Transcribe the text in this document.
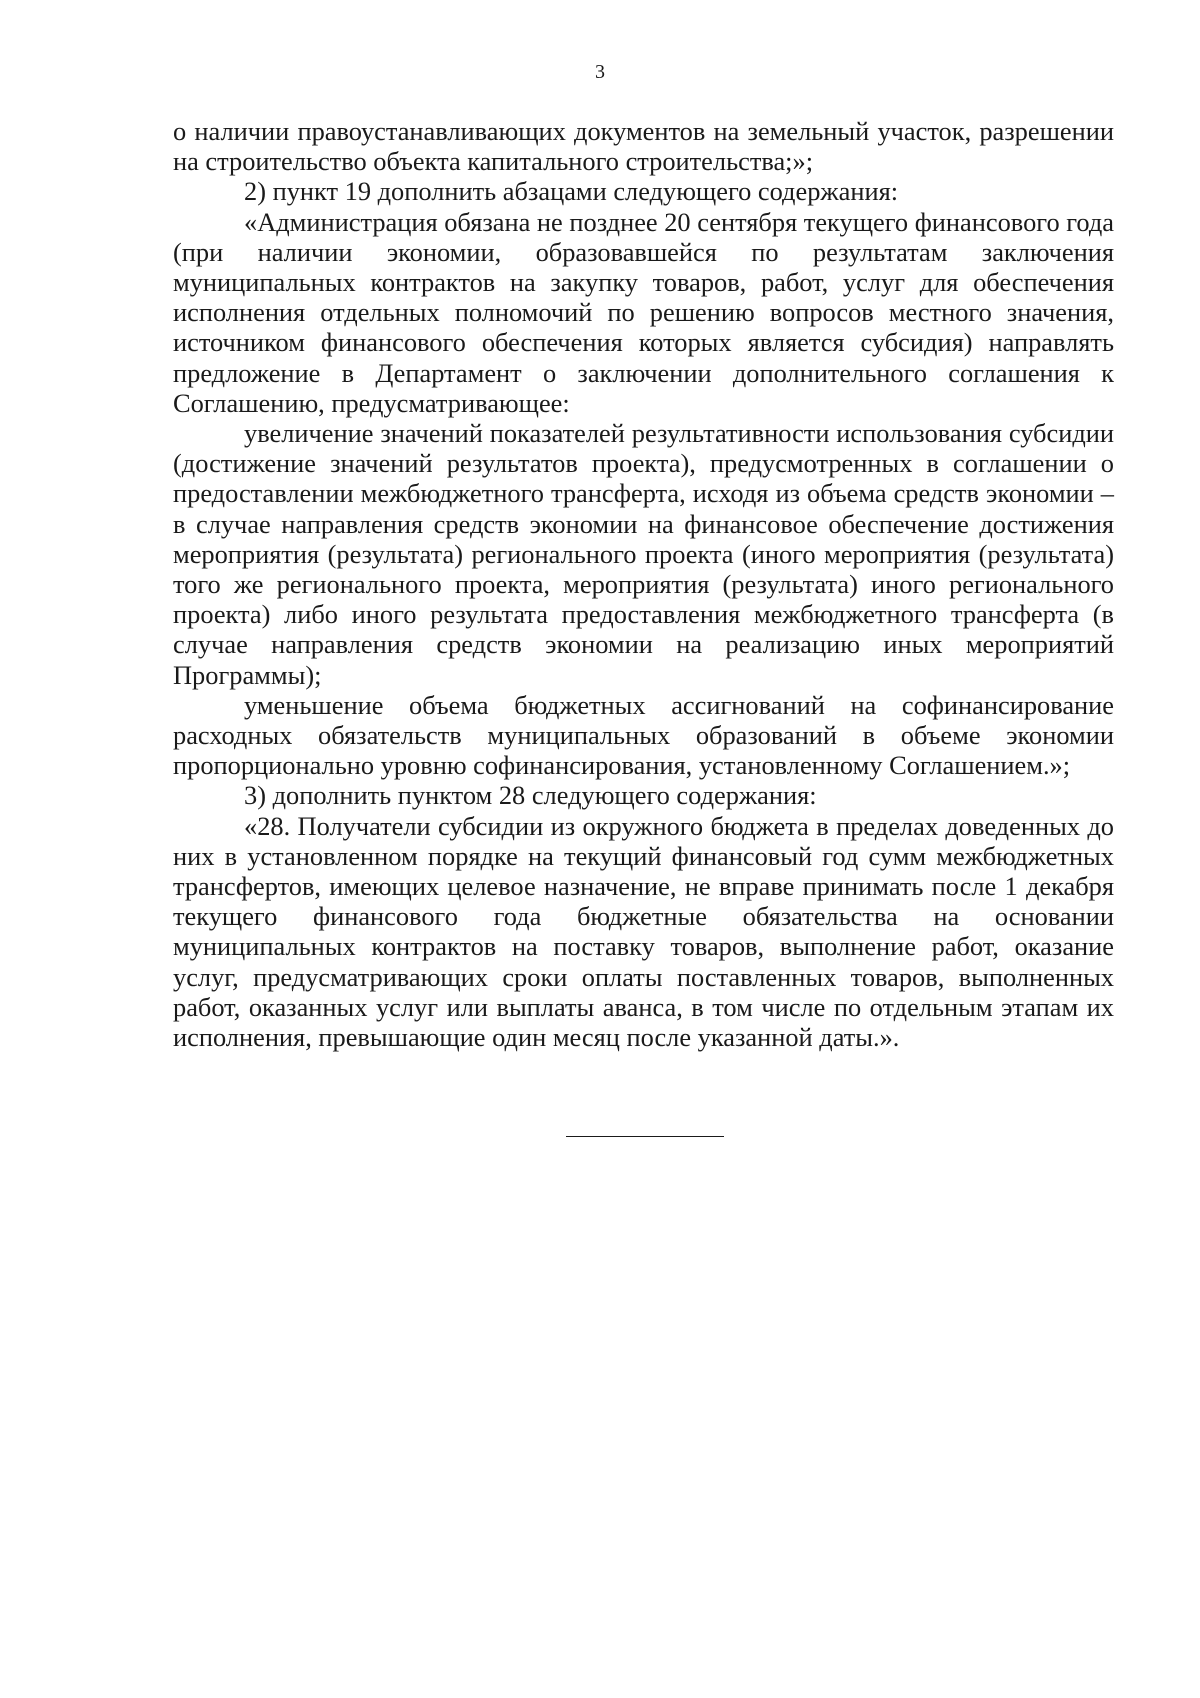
3

о наличии правоустанавливающих документов на земельный участок, разрешении на строительство объекта капитального строительства;»;

2) пункт 19 дополнить абзацами следующего содержания:

«Администрация обязана не позднее 20 сентября текущего финансового года (при наличии экономии, образовавшейся по результатам заключения муниципальных контрактов на закупку товаров, работ, услуг для обеспечения исполнения отдельных полномочий по решению вопросов местного значения, источником финансового обеспечения которых является субсидия) направлять предложение в Департамент о заключении дополнительного соглашения к Соглашению, предусматривающее:

увеличение значений показателей результативности использования субсидии (достижение значений результатов проекта), предусмотренных в соглашении о предоставлении межбюджетного трансферта, исходя из объема средств экономии – в случае направления средств экономии на финансовое обеспечение достижения мероприятия (результата) регионального проекта (иного мероприятия (результата) того же регионального проекта, мероприятия (результата) иного регионального проекта) либо иного результата предоставления межбюджетного трансферта (в случае направления средств экономии на реализацию иных мероприятий Программы);

уменьшение объема бюджетных ассигнований на софинансирование расходных обязательств муниципальных образований в объеме экономии пропорционально уровню софинансирования, установленному Соглашением.»;

3) дополнить пунктом 28 следующего содержания:

«28. Получатели субсидии из окружного бюджета в пределах доведенных до них в установленном порядке на текущий финансовый год сумм межбюджетных трансфертов, имеющих целевое назначение, не вправе принимать после 1 декабря текущего финансового года бюджетные обязательства на основании муниципальных контрактов на поставку товаров, выполнение работ, оказание услуг, предусматривающих сроки оплаты поставленных товаров, выполненных работ, оказанных услуг или выплаты аванса, в том числе по отдельным этапам их исполнения, превышающие один месяц после указанной даты.».
